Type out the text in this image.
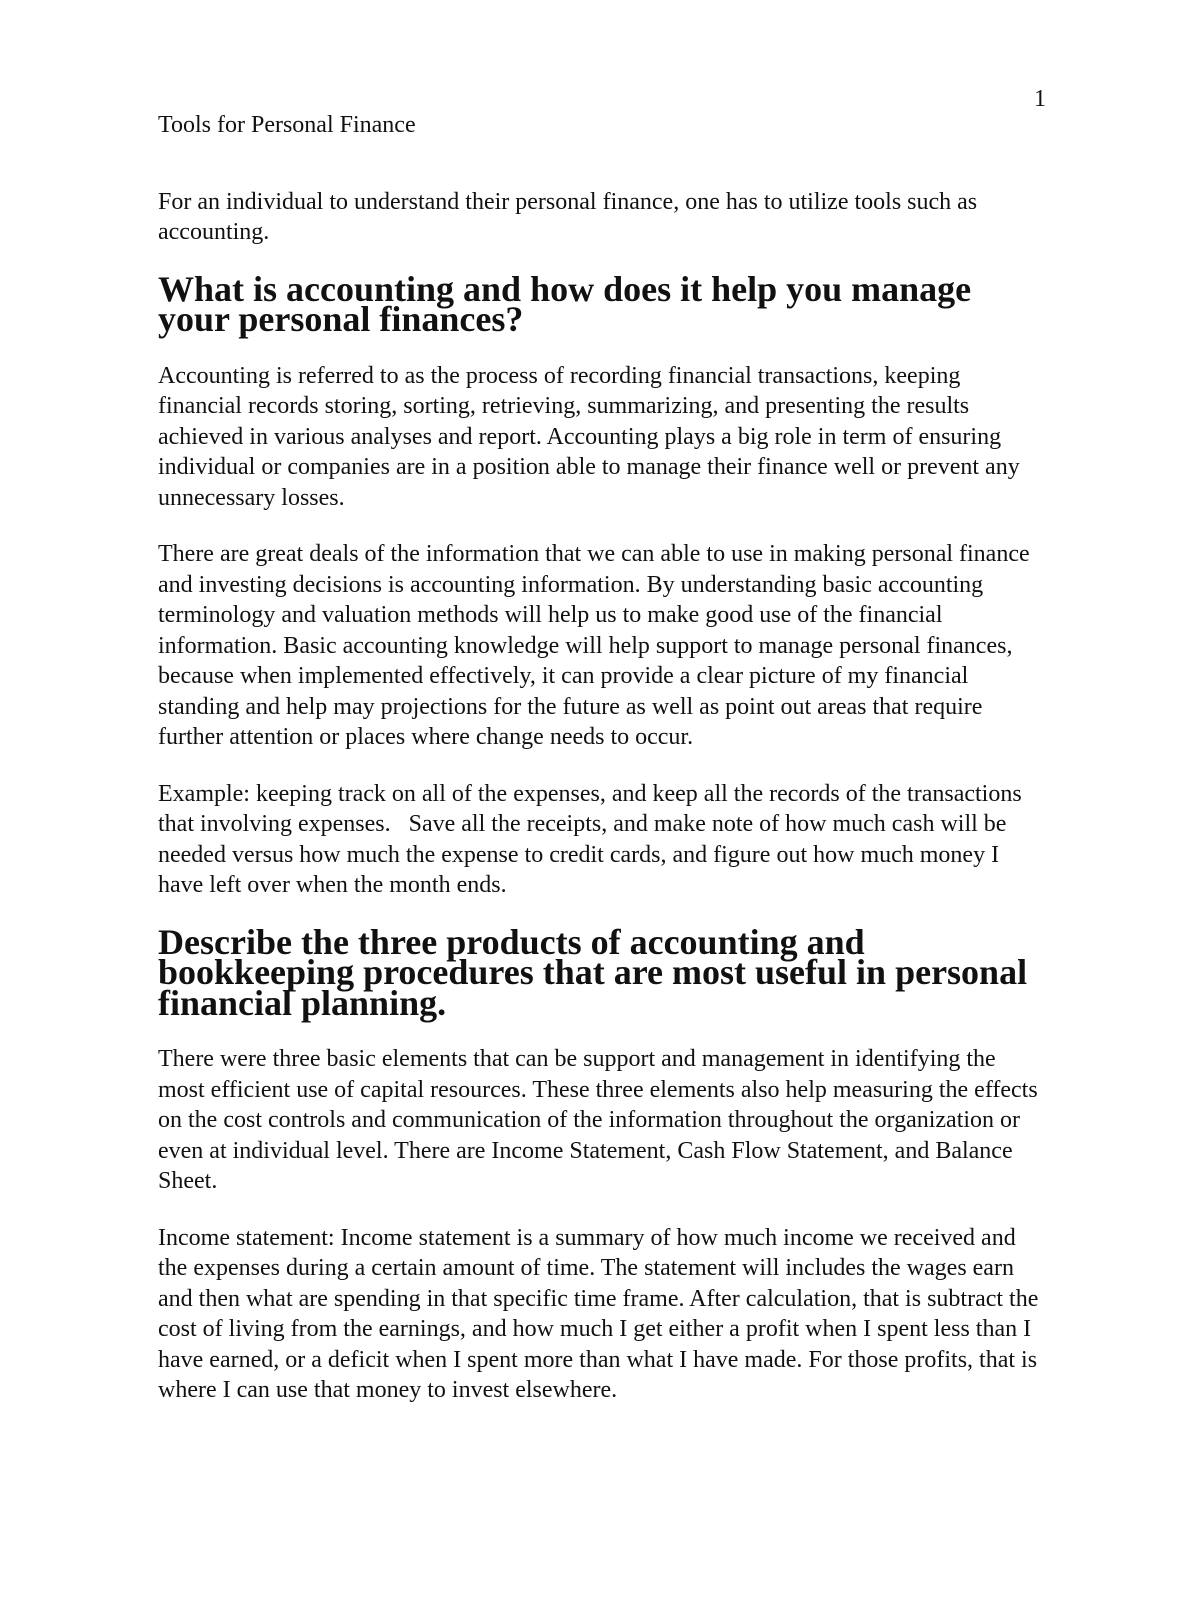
1

Tools for Personal Finance

For an individual to understand their personal finance, one has to utilize tools such as accounting.

What is accounting and how does it help you manage your personal finances?

Accounting is referred to as the process of recording financial transactions, keeping financial records storing, sorting, retrieving, summarizing, and presenting the results achieved in various analyses and report. Accounting plays a big role in term of ensuring individual or companies are in a position able to manage their finance well or prevent any unnecessary losses.

There are great deals of the information that we can able to use in making personal finance and investing decisions is accounting information. By understanding basic accounting terminology and valuation methods will help us to make good use of the financial information. Basic accounting knowledge will help support to manage personal finances, because when implemented effectively, it can provide a clear picture of my financial standing and help may projections for the future as well as point out areas that require further attention or places where change needs to occur.

Example: keeping track on all of the expenses, and keep all the records of the transactions that involving expenses.   Save all the receipts, and make note of how much cash will be needed versus how much the expense to credit cards, and figure out how much money I have left over when the month ends.

Describe the three products of accounting and bookkeeping procedures that are most useful in personal financial planning.

There were three basic elements that can be support and management in identifying the most efficient use of capital resources. These three elements also help measuring the effects on the cost controls and communication of the information throughout the organization or even at individual level. There are Income Statement, Cash Flow Statement, and Balance Sheet.

Income statement: Income statement is a summary of how much income we received and the expenses during a certain amount of time. The statement will includes the wages earn and then what are spending in that specific time frame. After calculation, that is subtract the cost of living from the earnings, and how much I get either a profit when I spent less than I have earned, or a deficit when I spent more than what I have made. For those profits, that is where I can use that money to invest elsewhere.
